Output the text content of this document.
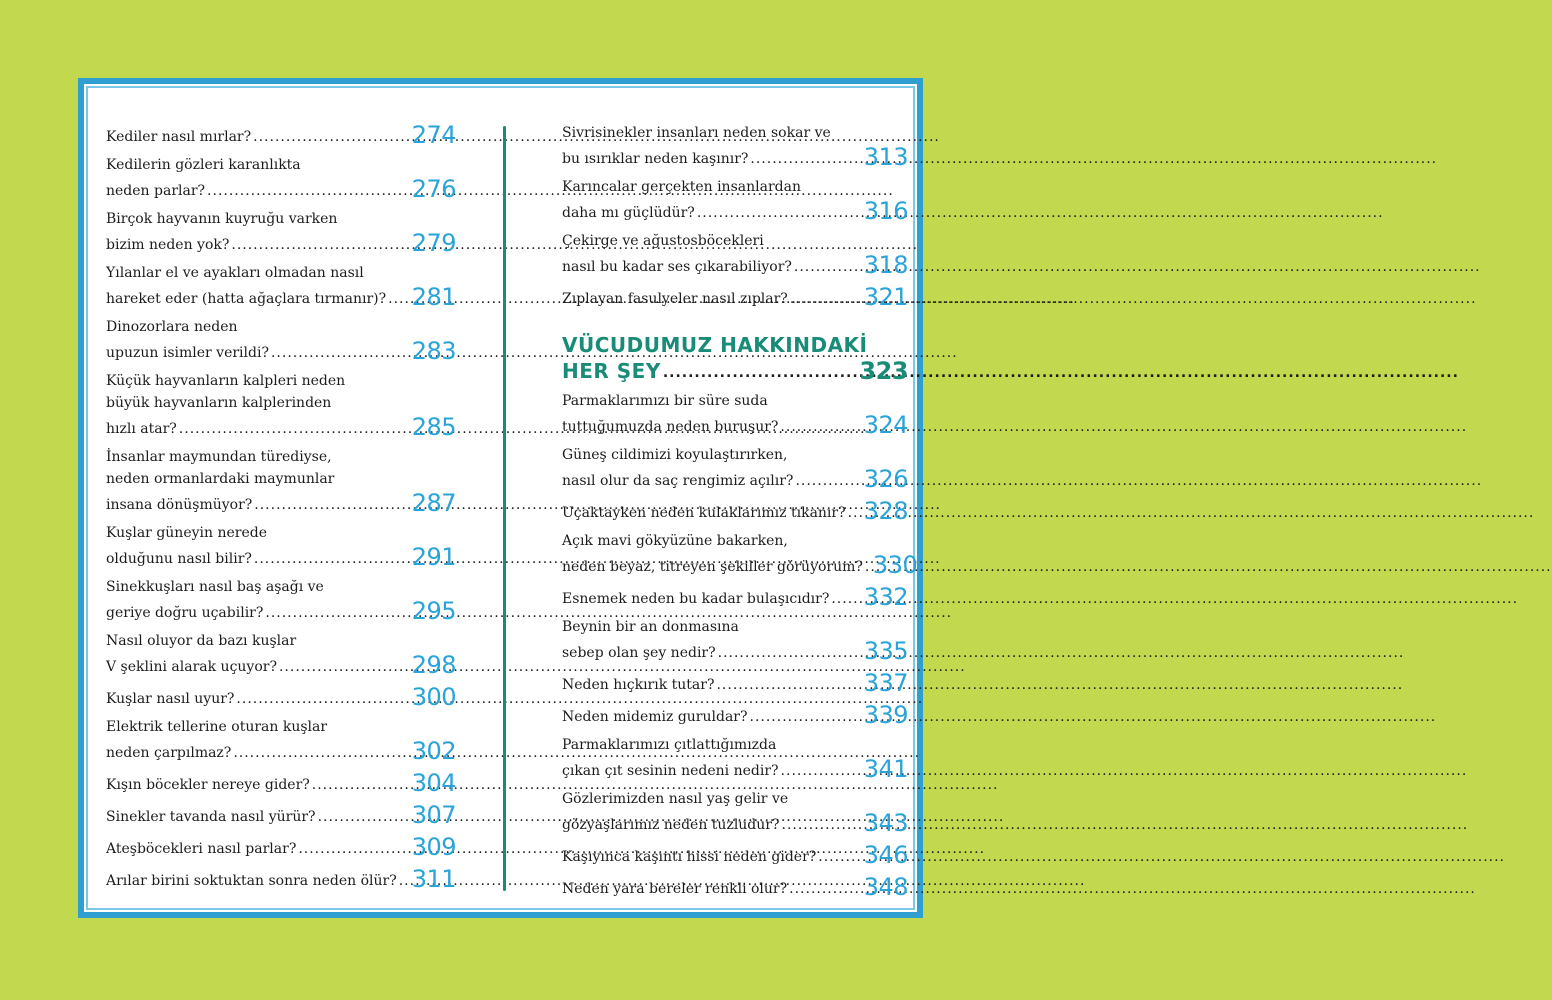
Kediler nasıl mırlar? .....	274
Kedilerin gözleri karanlıkta
neden parlar? .....	276
Birçok hayvanın kuyruğu varken
bizim neden yok? .....	279
Yılanlar el ve ayakları olmadan nasıl
hareket eder (hatta ağaçlara tırmanır)? ..... 281
Dinozorlara neden
upuzun isimler verildi? .....	283
Küçük hayvanların kalpleri neden
büyük hayvanların kalplerinden
hızlı atar? .....	285
İnsanlar maymundan türediyse,
neden ormanlardaki maymunlar
insana dönüşmüyor? .....	287
Kuşlar güneyin nerede
olduğunu nasıl bilir? .....	291
Sinekkuşları nasıl baş aşağı ve
geriye doğru uçabilir? .....	295
Nasıl oluyor da bazı kuşlar
V şeklini alarak uçuyor? .....	298
Kuşlar nasıl uyur? .....	300
Elektrik tellerine oturan kuşlar
neden çarpılmaz? .....	302
Kışın böcekler nereye gider? .....	304
Sinekler tavanda nasıl yürür? .....	307
Ateşböcekleri nasıl parlar? .....	309
Arılar birini soktuktan sonra neden ölür? ..... 311
Sivrisinekler insanları neden sokar ve
bu ısırıklar neden kaşınır? .....	313
Karıncalar gerçekten insanlardan
daha mı güçlüdür? .....	316
Çekirge ve ağustosböcekleri
nasıl bu kadar ses çıkarabiliyor? .....	318
Zıplayan fasulyeler nasıl zıplar? .....	321
VÜCUDUMUZ HAKKINDAKİ
HER ŞEY .....	323
Parmaklarımızı bir süre suda
tuttuğumuzda neden buruşur? .....	324
Güneş cildimizi koyulaştırırken,
nasıl olur da saç rengimiz açılır? .....	326
Uçaktayken neden kulaklarımız tıkanır? ..... 328
Açık mavi gökyüzüne bakarken,
neden beyaz, titreyen şekiller görüyorum? ..... 330
Esnemek neden bu kadar bulaşıcıdır? ..... 332
Beynin bir an donmasına
sebep olan şey nedir? .....	335
Neden hıçkırık tutar? .....	337
Neden midemiz guruldar? .....	339
Parmaklarımızı çıtlattığımızda
çıkan çıt sesinin nedeni nedir? .....	341
Gözlerimizden nasıl yaş gelir ve
gözyaşlarımız neden tuzludur? .....	343
Kaşıyınca kaşıntı hissi neden gider? ..... 346
Neden yara bereler renkli olur? .....	348
